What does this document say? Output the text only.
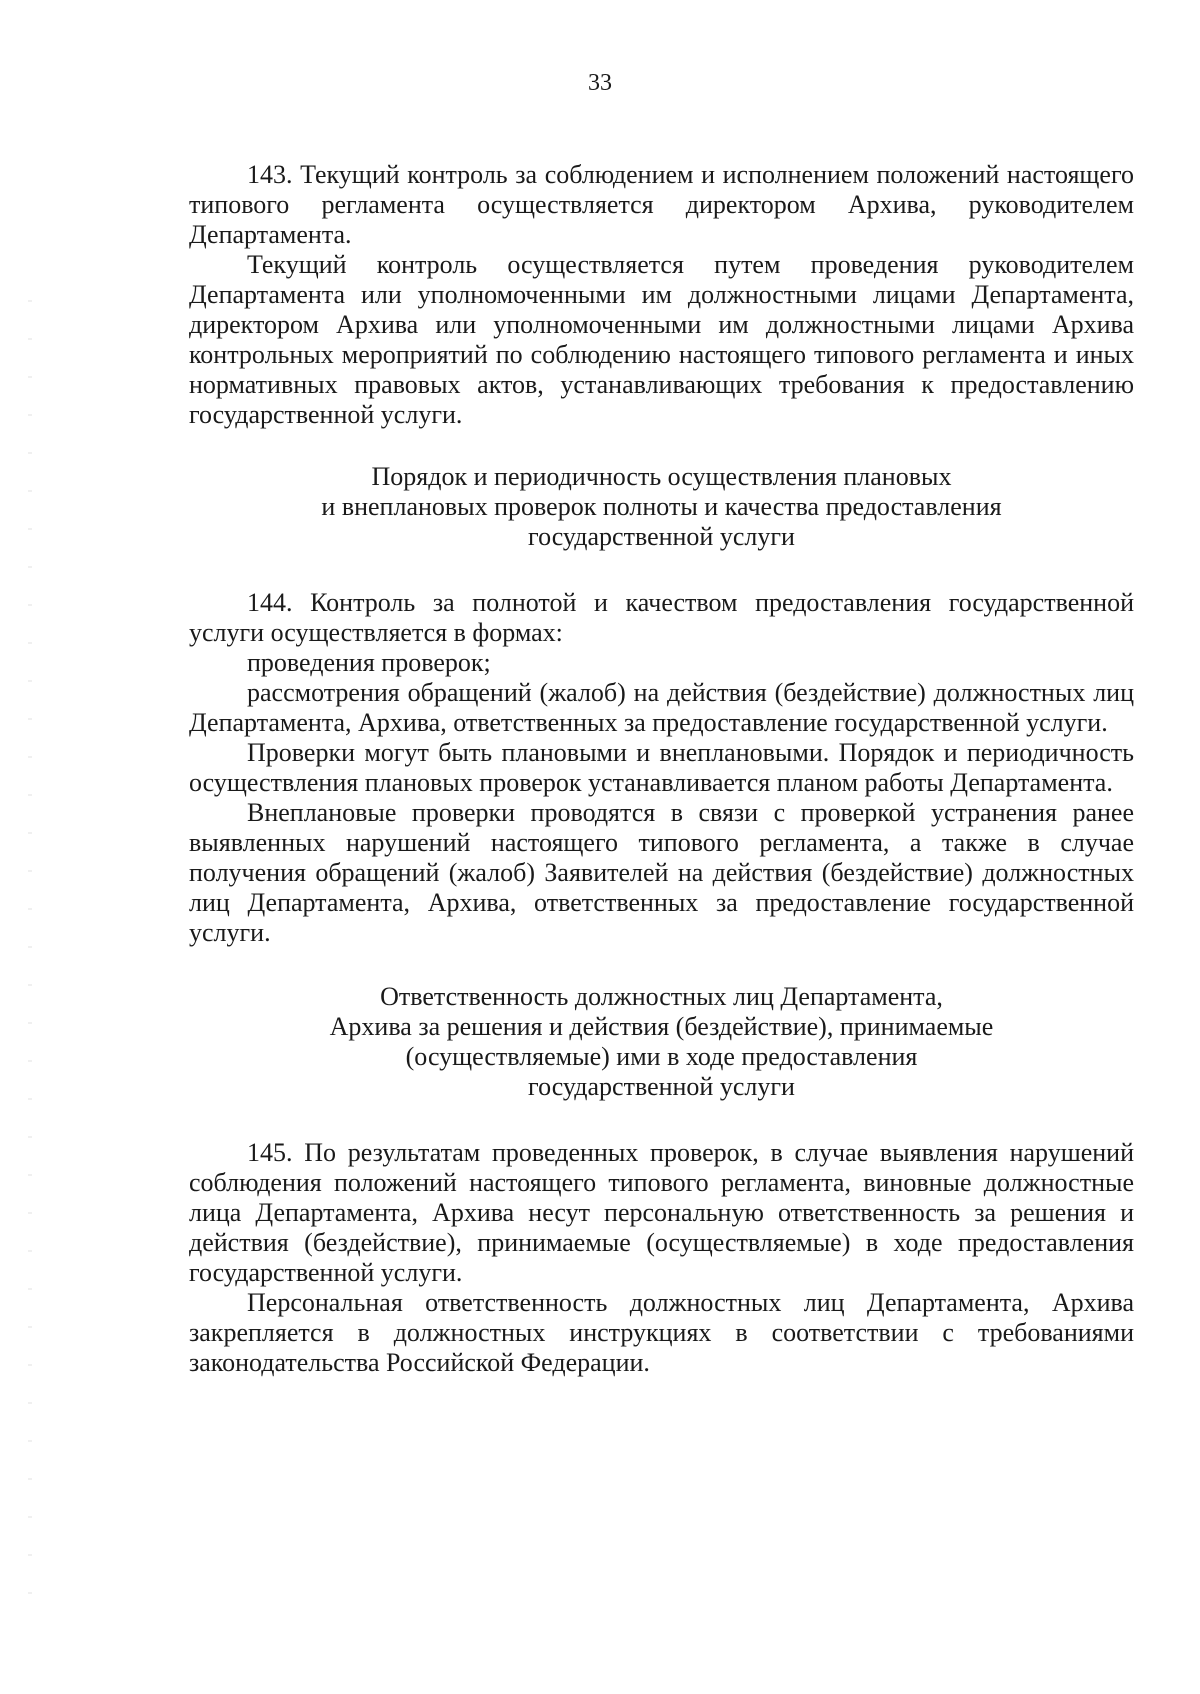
33

143. Текущий контроль за соблюдением и исполнением положений настоящего типового регламента осуществляется директором Архива, руководителем Департамента.

Текущий контроль осуществляется путем проведения руководителем Департамента или уполномоченными им должностными лицами Департамента, директором Архива или уполномоченными им должностными лицами Архива контрольных мероприятий по соблюдению настоящего типового регламента и иных нормативных правовых актов, устанавливающих требования к предоставлению государственной услуги.

Порядок и периодичность осуществления плановых
и внеплановых проверок полноты и качества предоставления
государственной услуги

144. Контроль за полнотой и качеством предоставления государственной услуги осуществляется в формах:

проведения проверок;

рассмотрения обращений (жалоб) на действия (бездействие) должностных лиц Департамента, Архива, ответственных за предоставление государственной услуги.

Проверки могут быть плановыми и внеплановыми. Порядок и периодичность осуществления плановых проверок устанавливается планом работы Департамента.

Внеплановые проверки проводятся в связи с проверкой устранения ранее выявленных нарушений настоящего типового регламента, а также в случае получения обращений (жалоб) Заявителей на действия (бездействие) должностных лиц Департамента, Архива, ответственных за предоставление государственной услуги.

Ответственность должностных лиц Департамента,
Архива за решения и действия (бездействие), принимаемые
(осуществляемые) ими в ходе предоставления
государственной услуги

145. По результатам проведенных проверок, в случае выявления нарушений соблюдения положений настоящего типового регламента, виновные должностные лица Департамента, Архива несут персональную ответственность за решения и действия (бездействие), принимаемые (осуществляемые) в ходе предоставления государственной услуги.

Персональная ответственность должностных лиц Департамента, Архива закрепляется в должностных инструкциях в соответствии с требованиями законодательства Российской Федерации.
